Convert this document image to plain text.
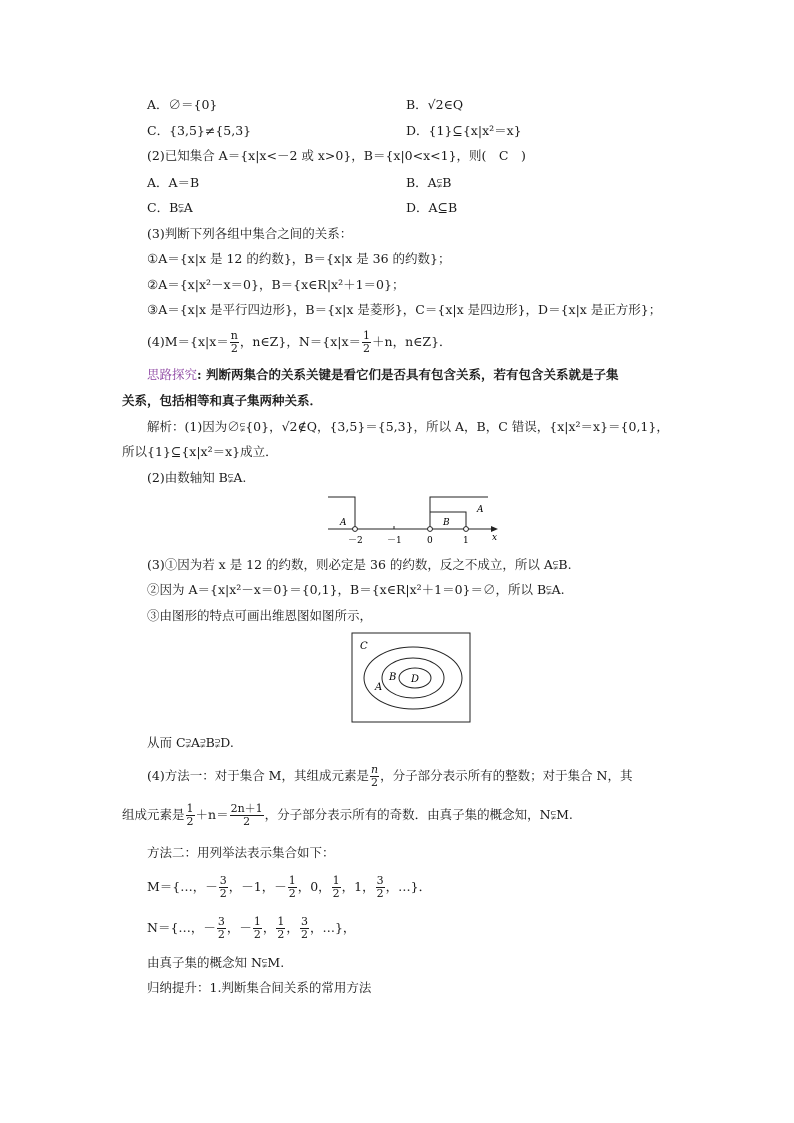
A．∅＝{0}	B．√2∈Q
C．{3,5}≠{5,3}	D．{1}⊆{x|x²＝x}
(2)已知集合 A＝{x|x<－2 或 x>0}，B＝{x|0<x<1}，则(　C　)
A．A＝B	B．A⫋B
C．B⫋A	D．A⊆B
(3)判断下列各组中集合之间的关系：
①A＝{x|x 是 12 的约数}，B＝{x|x 是 36 的约数}；
②A＝{x|x²－x＝0}，B＝{x∈R|x²＋1＝0}；
③A＝{x|x 是平行四边形}，B＝{x|x 是菱形}，C＝{x|x 是四边形}，D＝{x|x 是正方形}；
$(4)M=\{x|x= \frac{n}{2}$ ，n∈Z}，$N=\{x|x= \frac{1}{2} +n$，n∈Z}．
思路探究: 判断两集合的关系关键是看它们是否具有包含关系，若有包含关系就是子集
关系，包括相等和真子集两种关系．
解析：(1)因为∅⫋{0}，√2∉Q，{3,5}＝{5,3}，所以 A，B，C 错误，{x|x²＝x}＝{0,1}，
所以{1}⊆{x|x²＝x}成立．
(2)由数轴知 B⫋A.
－2	－1	0	1	x
A	B
A
(3)①因为若 x 是 12 的约数，则必定是 36 的约数，反之不成立，所以 A⫋B.
②因为 A＝{x|x²－x＝0}＝{0,1}，B＝{x∈R|x²＋1＝0}＝∅，所以 B⫋A.
③由图形的特点可画出维恩图如图所示，
C
A
B D
从而 C⫌A⫌B⫌D.
(4)方法一：对于集合 M，其组成元素是 $\frac{n}{2}$ ，分子部分表示所有的整数；对于集合 N，其
组成元素是 $\frac{1}{2} +n= \frac{2n+1}{2}$ ，分子部分表示所有的奇数．由真子集的概念知，N⫋M.
方法二：用列举法表示集合如下：
M＝{…，－ $\frac{3}{2}$ ，－1，－ $\frac{1}{2}$ ，0， $\frac{1}{2}$ ，1， $\frac{3}{2}$ ，…}．
N＝{…，－ $\frac{3}{2}$ ，－ $\frac{1}{2}$ ， $\frac{1}{2}$ ， $\frac{3}{2}$ ，…}，
由真子集的概念知 N⫋M.
归纳提升：1.判断集合间关系的常用方法
